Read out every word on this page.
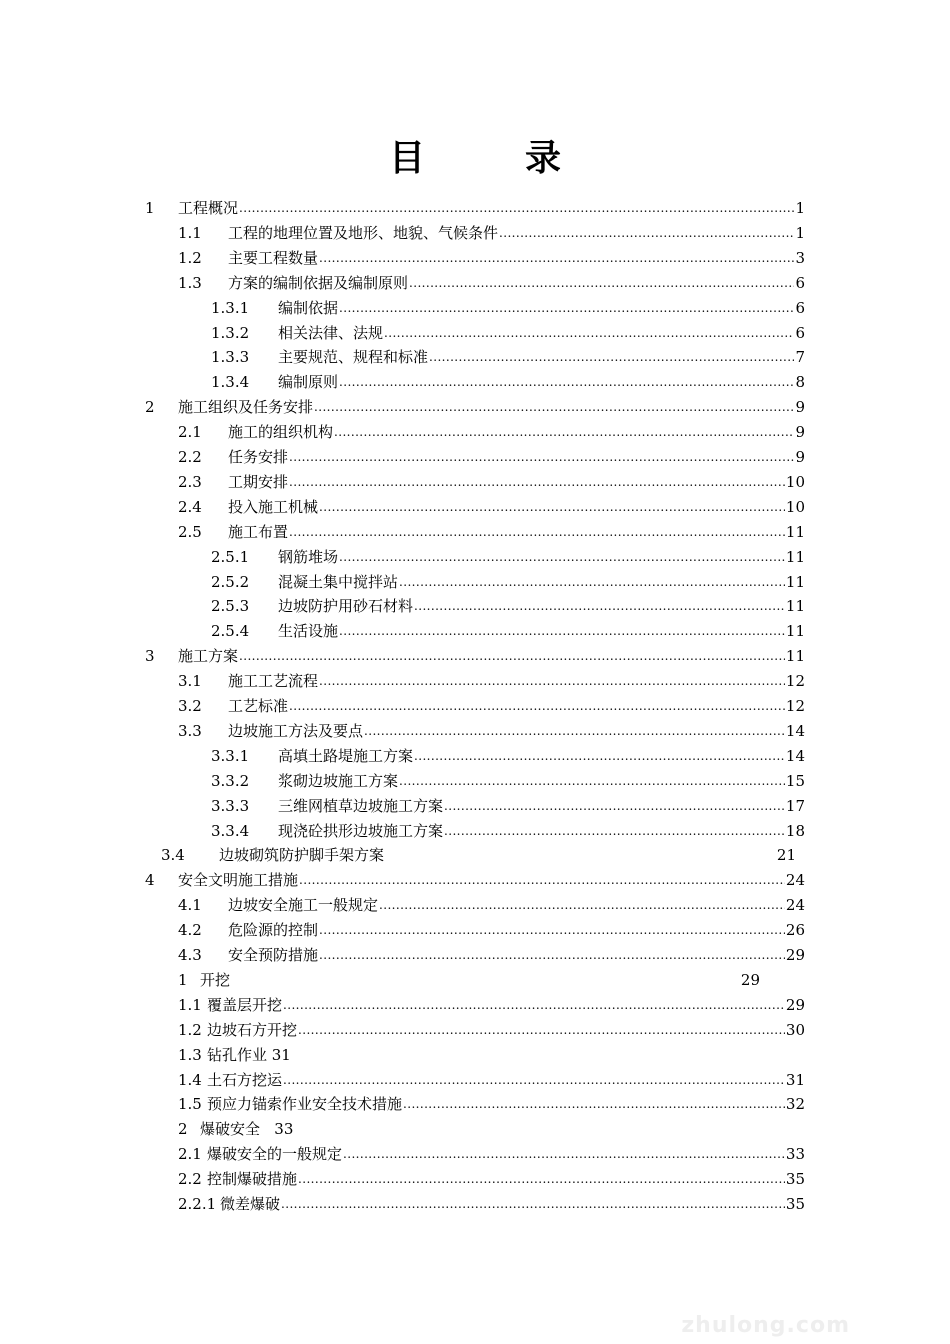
目	录
1	工程概况 .....	1
1.1	工程的地理位置及地形、地貌、气候条件 .....	1
1.2	主要工程数量 .....	3
1.3	方案的编制依据及编制原则 .....	6
1.3.1	编制依据 .....	6
1.3.2	相关法律、法规 .....	6
1.3.3	主要规范、规程和标准 .....	7
1.3.4	编制原则 .....	8
2	施工组织及任务安排 .....	9
2.1	施工的组织机构 .....	9
2.2	任务安排 .....	9
2.3	工期安排 .....	10
2.4	投入施工机械 .....	10
2.5	施工布置 .....	11
2.5.1	钢筋堆场 .....	11
2.5.2	混凝土集中搅拌站 .....	11
2.5.3	边坡防护用砂石材料 .....	11
2.5.4	生活设施 .....	11
3	施工方案 .....	11
3.1	施工工艺流程 .....	12
3.2	工艺标准 .....	12
3.3	边坡施工方法及要点 .....	14
3.3.1	高填土路堤施工方案 .....	14
3.3.2	浆砌边坡施工方案 .....	15
3.3.3	三维网植草边坡施工方案 .....	17
3.3.4	现浇砼拱形边坡施工方案 .....	18
3.4	边坡砌筑防护脚手架方案	21
4	安全文明施工措施 .....	24
4.1	边坡安全施工一般规定 .....	24
4.2	危险源的控制 .....	26
4.3	安全预防措施 .....	29
1 开挖	29
1.1 覆盖层开挖 .....	29
1.2 边坡石方开挖 .....	30
1.3 钻孔作业 31
1.4 土石方挖运 .....	31
1.5 预应力锚索作业安全技术措施 .....	32
2 爆破安全   33
2.1 爆破安全的一般规定 .....	33
2.2 控制爆破措施 .....	35
2.2.1 微差爆破 .....	35
zhulong.com
